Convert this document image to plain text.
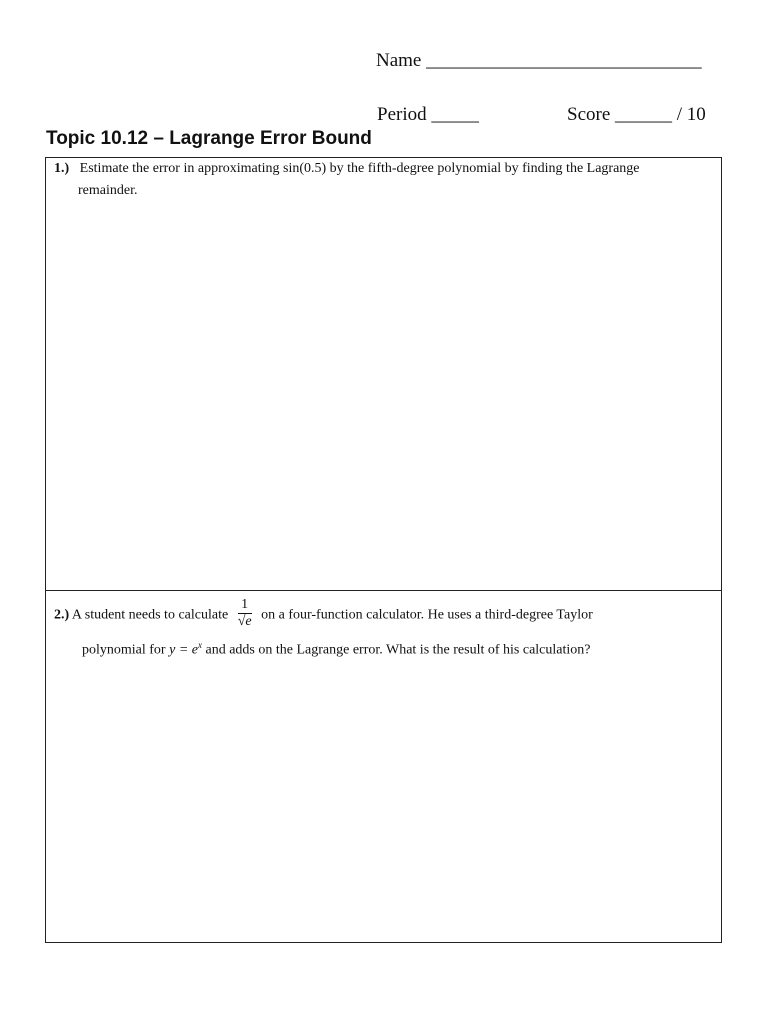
Name _____________________________
Period _____	Score ______ / 10
Topic 10.12 – Lagrange Error Bound
1.) Estimate the error in approximating sin(0.5) by the fifth-degree polynomial by finding the Lagrange
remainder.
2.) A student needs to calculate $\frac{1}{√e}$ on a four-function calculator. He uses a third-degree Taylor
polynomial for $y = e^x$ and adds on the Lagrange error. What is the result of his calculation?
